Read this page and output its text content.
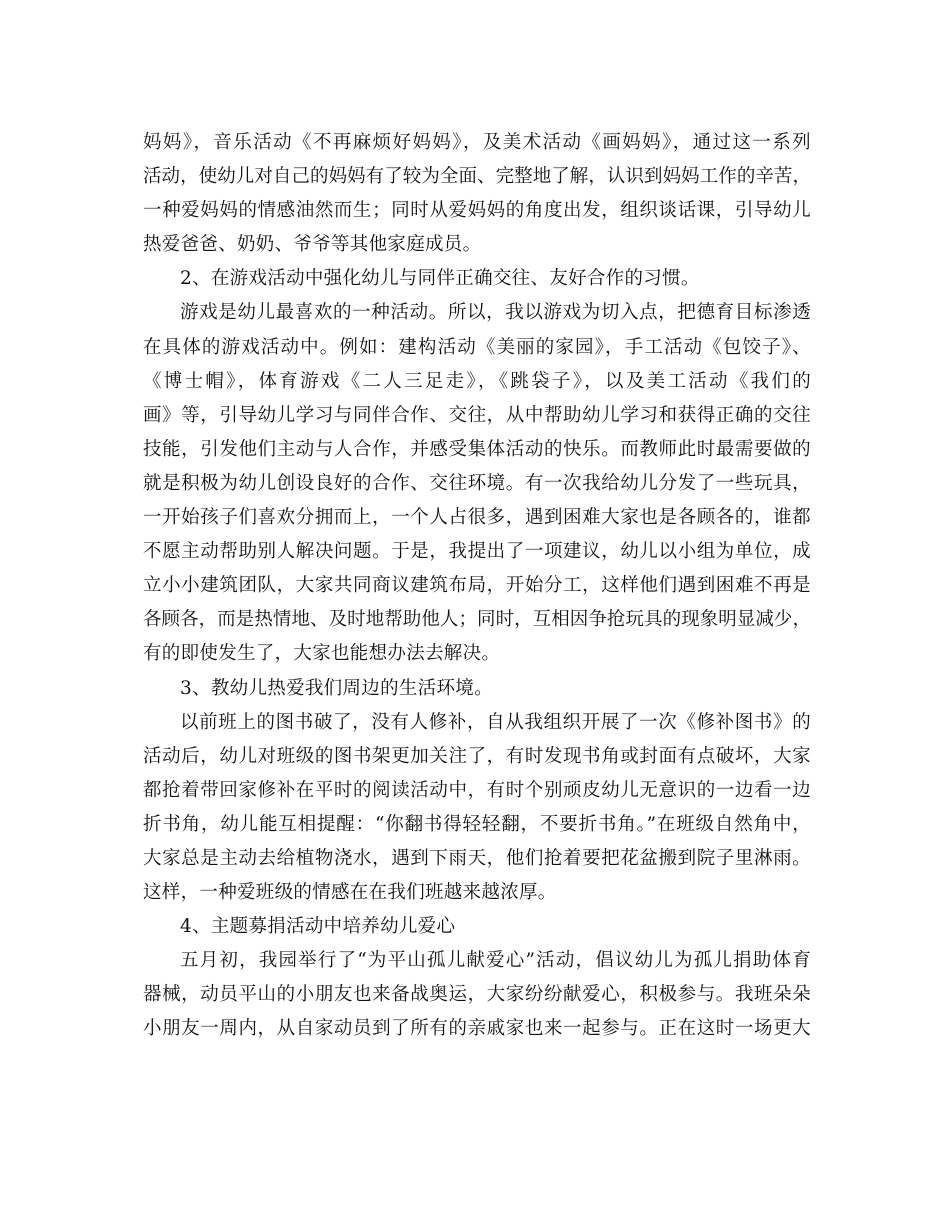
妈妈》，音乐活动《不再麻烦好妈妈》，及美术活动《画妈妈》，通过这一系列
活动，使幼儿对自己的妈妈有了较为全面、完整地了解，认识到妈妈工作的辛苦，
一种爱妈妈的情感油然而生；同时从爱妈妈的角度出发，组织谈话课，引导幼儿
热爱爸爸、奶奶、爷爷等其他家庭成员。
2、在游戏活动中强化幼儿与同伴正确交往、友好合作的习惯。
游戏是幼儿最喜欢的一种活动。所以，我以游戏为切入点，把德育目标渗透
在具体的游戏活动中。例如：建构活动《美丽的家园》，手工活动《包饺子》、
《博士帽》，体育游戏《二人三足走》，《跳袋子》，以及美工活动《我们的
画》等，引导幼儿学习与同伴合作、交往，从中帮助幼儿学习和获得正确的交往
技能，引发他们主动与人合作，并感受集体活动的快乐。而教师此时最需要做的
就是积极为幼儿创设良好的合作、交往环境。有一次我给幼儿分发了一些玩具，
一开始孩子们喜欢分拥而上，一个人占很多，遇到困难大家也是各顾各的，谁都
不愿主动帮助别人解决问题。于是，我提出了一项建议，幼儿以小组为单位，成
立小小建筑团队，大家共同商议建筑布局，开始分工，这样他们遇到困难不再是
各顾各，而是热情地、及时地帮助他人；同时，互相因争抢玩具的现象明显减少，
有的即使发生了，大家也能想办法去解决。
3、教幼儿热爱我们周边的生活环境。
以前班上的图书破了，没有人修补，自从我组织开展了一次《修补图书》的
活动后，幼儿对班级的图书架更加关注了，有时发现书角或封面有点破坏，大家
都抢着带回家修补在平时的阅读活动中，有时个别顽皮幼儿无意识的一边看一边
折书角，幼儿能互相提醒：“你翻书得轻轻翻，不要折书角。”在班级自然角中，
大家总是主动去给植物浇水，遇到下雨天，他们抢着要把花盆搬到院子里淋雨。
这样，一种爱班级的情感在在我们班越来越浓厚。
4、主题募捐活动中培养幼儿爱心
五月初，我园举行了“为平山孤儿献爱心”活动，倡议幼儿为孤儿捐助体育
器械，动员平山的小朋友也来备战奥运，大家纷纷献爱心，积极参与。我班朵朵
小朋友一周内，从自家动员到了所有的亲戚家也来一起参与。正在这时一场更大
